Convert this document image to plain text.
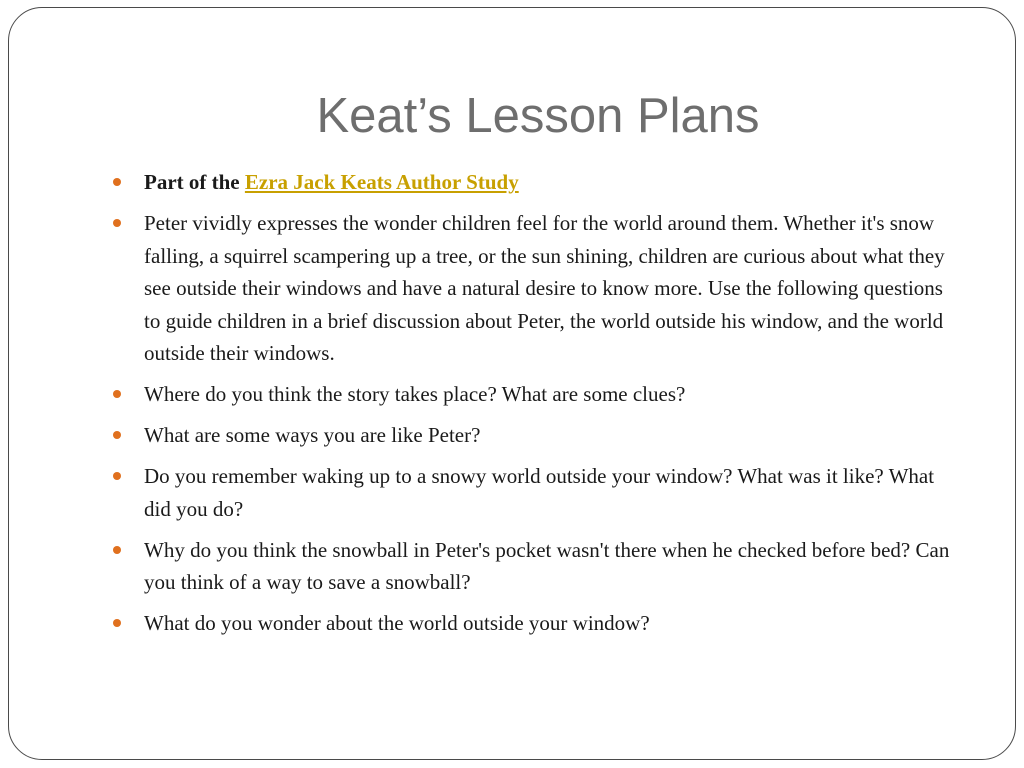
Keat’s Lesson Plans
Part of the Ezra Jack Keats Author Study
Peter vividly expresses the wonder children feel for the world around them. Whether it's snow falling, a squirrel scampering up a tree, or the sun shining, children are curious about what they see outside their windows and have a natural desire to know more. Use the following questions to guide children in a brief discussion about Peter, the world outside his window, and the world outside their windows.
Where do you think the story takes place? What are some clues?
What are some ways you are like Peter?
Do you remember waking up to a snowy world outside your window? What was it like? What did you do?
Why do you think the snowball in Peter's pocket wasn't there when he checked before bed? Can you think of a way to save a snowball?
What do you wonder about the world outside your window?
